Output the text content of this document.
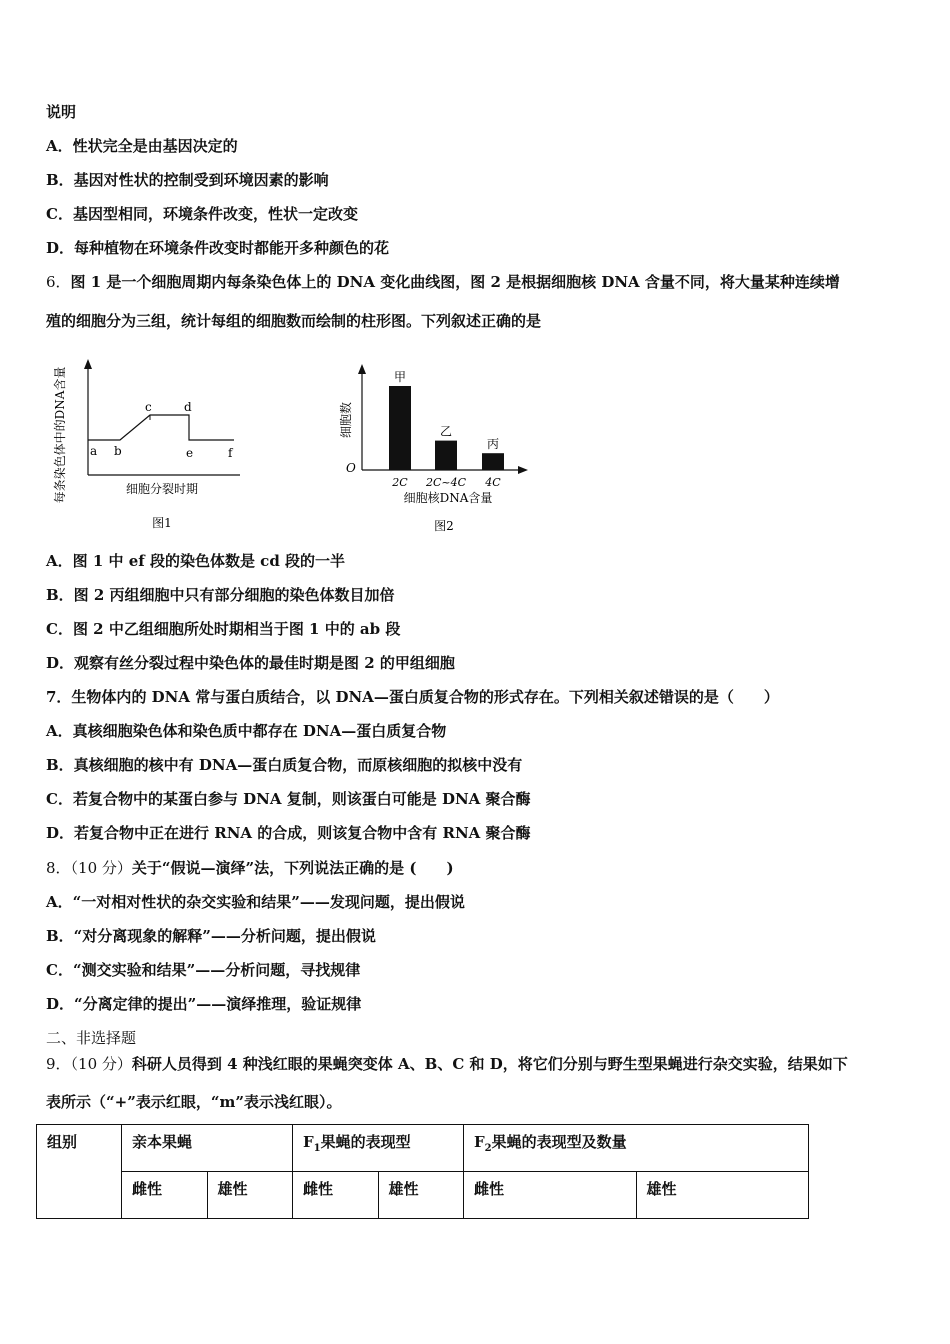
说明
A．性状完全是由基因决定的
B．基因对性状的控制受到环境因素的影响
C．基因型相同，环境条件改变，性状一定改变
D．每种植物在环境条件改变时都能开多种颜色的花
6．图 1 是一个细胞周期内每条染色体上的 DNA 变化曲线图，图 2 是根据细胞核 DNA 含量不同，将大量某种连续增
殖的细胞分为三组，统计每组的细胞数而绘制的柱形图。下列叙述正确的是
每条染色体中的DNA含量 a b
c	d
e	f
细胞分裂时期
图1
细胞数
O
甲
2C
乙
2C~4C
丙
4C
细胞核DNA含量
图2
A．图 1 中 ef 段的染色体数是 cd 段的一半
B．图 2 丙组细胞中只有部分细胞的染色体数目加倍
C．图 2 中乙组细胞所处时期相当于图 1 中的 ab 段
D．观察有丝分裂过程中染色体的最佳时期是图 2 的甲组细胞
7．生物体内的 DNA 常与蛋白质结合，以 DNA—蛋白质复合物的形式存在。下列相关叙述错误的是（　　）
A．真核细胞染色体和染色质中都存在 DNA—蛋白质复合物
B．真核细胞的核中有 DNA—蛋白质复合物，而原核细胞的拟核中没有
C．若复合物中的某蛋白参与 DNA 复制，则该蛋白可能是 DNA 聚合酶
D．若复合物中正在进行 RNA 的合成，则该复合物中含有 RNA 聚合酶
8．（10 分）关于“假说—演绎”法，下列说法正确的是 (　　)
A．“一对相对性状的杂交实验和结果”——发现问题，提出假说
B．“对分离现象的解释”——分析问题，提出假说
C．“测交实验和结果”——分析问题，寻找规律
D．“分离定律的提出”——演绎推理，验证规律
二、非选择题
9．（10 分）科研人员得到 4 种浅红眼的果蝇突变体 A、B、C 和 D，将它们分别与野生型果蝇进行杂交实验，结果如下
表所示（“+”表示红眼，“m”表示浅红眼）。
组别	亲本果蝇		$F_1$果蝇的表现型		$F_2$果蝇的表现型及数量	
	雌性	雄性	雌性	雄性	雌性	雄性
